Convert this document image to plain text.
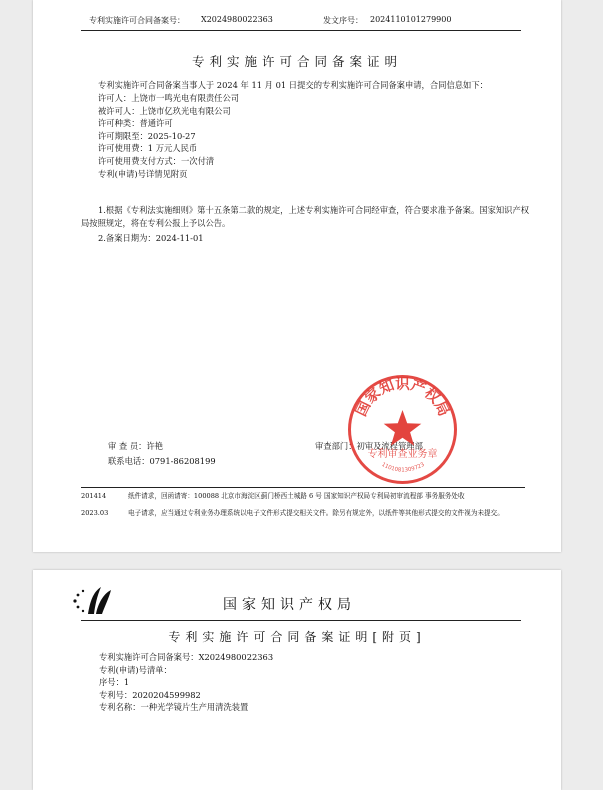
专利实施许可合同备案号： X2024980022363	发文序号： 2024110101279900
专利实施许可合同备案证明
专利实施许可合同备案当事人于 2024 年 11 月 01 日提交的专利实施许可合同备案申请，合同信息如下：
许可人：上饶市一鸣光电有限责任公司
被许可人：上饶市亿玖光电有限公司
许可种类：普通许可
许可期限至：2025-10-27
许可使用费：1 万元人民币
许可使用费支付方式：一次付清
专利(申请)号详情见附页
1.根据《专利法实施细则》第十五条第二款的规定，上述专利实施许可合同经审查，符合要求准予备案。国家知识产权局按照规定，将在专利公报上予以公告。
2.备案日期为：2024-11-01
审 查 员：许艳
联系电话：0791-86208199
审查部门：初审及流程管理部
国家知识产权局
专利审查业务章
1101081309723
201414	纸件请求，回函请寄：100088 北京市海淀区蓟门桥西土城路 6 号 国家知识产权局专利局初审流程部 事务服务处收
2023.03	电子请求，应当通过专利业务办理系统以电子文件形式提交相关文件。除另有规定外，以纸件等其他形式提交的文件视为未提交。
国家知识产权局
专利实施许可合同备案证明[附页]
专利实施许可合同备案号：X2024980022363
专利(申请)号清单：
序号：1
专利号：2020204599982
专利名称：一种光学镜片生产用清洗装置
